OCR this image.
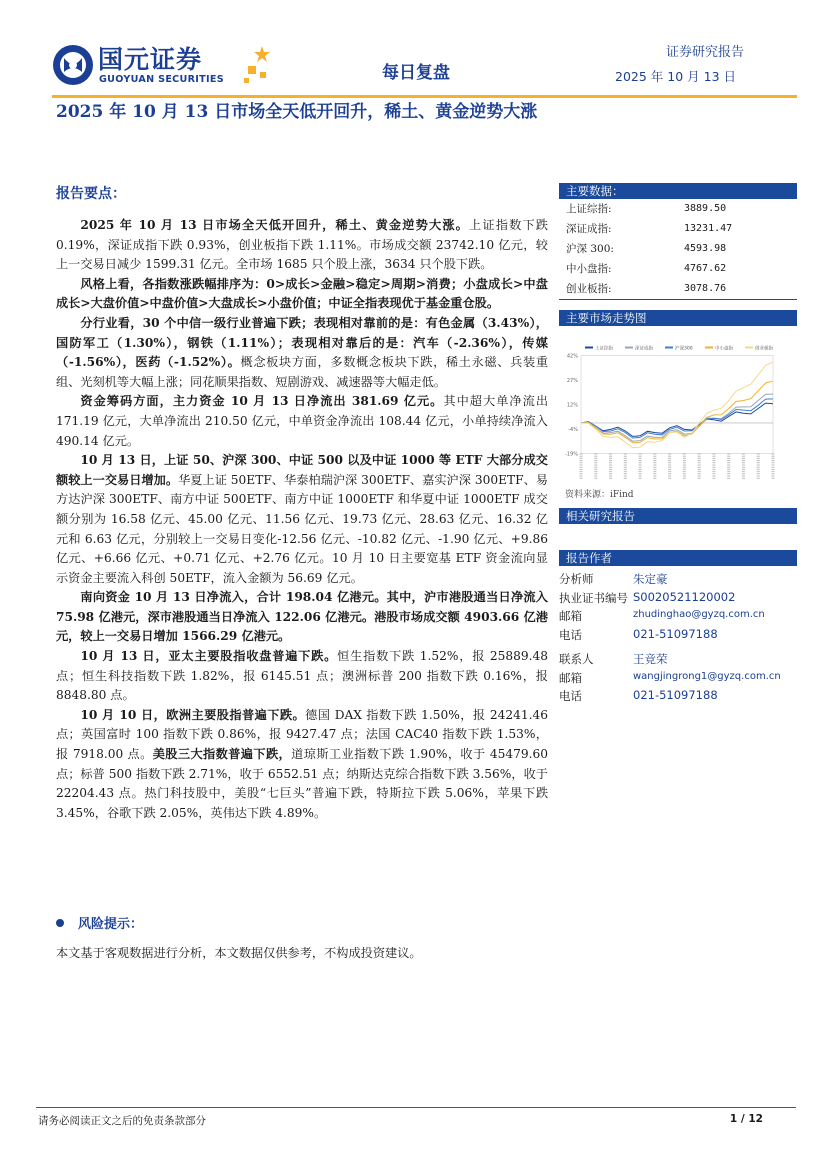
国元证券
GUOYUAN SECURITIES	每日复盘
证券研究报告
2025 年 10 月 13 日
2025 年 10 月 13 日市场全天低开回升，稀土、黄金逆势大涨
报告要点：

2025 年 10 月 13 日市场全天低开回升，稀土、黄金逆势大涨。上证指数下跌 0.19%，深证成指下跌 0.93%，创业板指下跌 1.11%。市场成交额 23742.10 亿元，较上一交易日减少 1599.31 亿元。全市场 1685 只个股上涨，3634 只个股下跌。

风格上看，各指数涨跌幅排序为：0>成长>金融>稳定>周期>消费；小盘成长>中盘成长>大盘价值>中盘价值>大盘成长>小盘价值；中证全指表现优于基金重仓股。

分行业看，30 个中信一级行业普遍下跌；表现相对靠前的是：有色金属（3.43%），国防军工（1.30%），钢铁（1.11%）；表现相对靠后的是：汽车（-2.36%），传媒（-1.56%），医药（-1.52%）。概念板块方面，多数概念板块下跌，稀土永磁、兵装重组、光刻机等大幅上涨；同花顺果指数、短剧游戏、减速器等大幅走低。

资金筹码方面，主力资金 10 月 13 日净流出 381.69 亿元。其中超大单净流出 171.19 亿元，大单净流出 210.50 亿元，中单资金净流出 108.44 亿元，小单持续净流入 490.14 亿元。

10 月 13 日，上证 50、沪深 300、中证 500 以及中证 1000 等 ETF 大部分成交额较上一交易日增加。华夏上证 50ETF、华泰柏瑞沪深 300ETF、嘉实沪深 300ETF、易方达沪深 300ETF、南方中证 500ETF、南方中证 1000ETF 和华夏中证 1000ETF 成交额分别为 16.58 亿元、45.00 亿元、11.56 亿元、19.73 亿元、28.63 亿元、16.32 亿元和 6.63 亿元，分别较上一交易日变化-12.56 亿元、-10.82 亿元、-1.90 亿元、+9.86 亿元、+6.66 亿元、+0.71 亿元、+2.76 亿元。10 月 10 日主要宽基 ETF 资金流向显示资金主要流入科创 50ETF，流入金额为 56.69 亿元。

南向资金 10 月 13 日净流入，合计 198.04 亿港元。其中，沪市港股通当日净流入 75.98 亿港元，深市港股通当日净流入 122.06 亿港元。港股市场成交额 4903.66 亿港元，较上一交易日增加 1566.29 亿港元。

10 月 13 日，亚太主要股指收盘普遍下跌。恒生指数下跌 1.52%，报 25889.48 点；恒生科技指数下跌 1.82%，报 6145.51 点；澳洲标普 200 指数下跌 0.16%，报 8848.80 点。

10 月 10 日，欧洲主要股指普遍下跌。德国 DAX 指数下跌 1.50%，报 24241.46 点；英国富时 100 指数下跌 0.86%，报 9427.47 点；法国 CAC40 指数下跌 1.53%，报 7918.00 点。美股三大指数普遍下跌，道琼斯工业指数下跌 1.90%，收于 45479.60 点；标普 500 指数下跌 2.71%，收于 6552.51 点；纳斯达克综合指数下跌 3.56%，收于 22204.43 点。热门科技股中，美股“七巨头”普遍下跌，特斯拉下跌 5.06%，苹果下跌 3.45%，谷歌下跌 2.05%，英伟达下跌 4.89%。

风险提示：
本文基于客观数据进行分析，本文数据仅供参考，不构成投资建议。
主要数据：
上证综指:	3889.50
深证成指:	13231.47
沪深 300:	4593.98
中小盘指:	4767.62
创业板指:	3078.76
主要市场走势图
上证综指	深证成指	沪深300	中小盘指	创业板指
-19%
-4%
12%
27%
42%
资料来源：iFind
相关研究报告
报告作者
分析师	朱定豪
执业证书编号 S0020521120002
邮箱	zhudinghao@gyzq.com.cn
电话	021-51097188
联系人	王竞荣
邮箱	wangjingrong1@gyzq.com.cn
电话	021-51097188
请务必阅读正文之后的免责条款部分	1 / 12
